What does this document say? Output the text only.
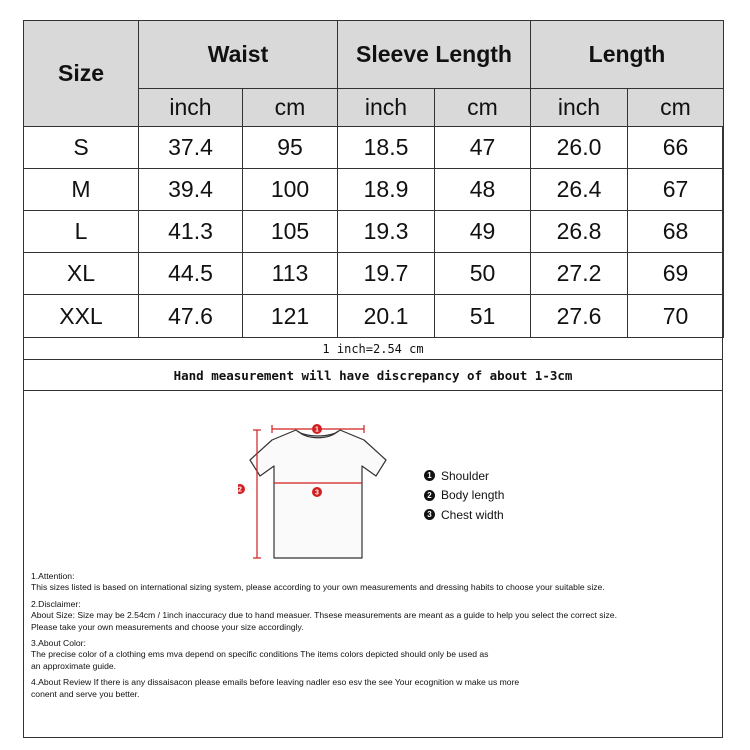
Size	Waist		Sleeve Length		Length	
	inch	cm	inch	cm	inch	cm
S	37.4	95	18.5	47	26.0	66
M	39.4	100	18.9	48	26.4	67
L	41.3	105	19.3	49	26.8	68
XL	44.5	113	19.7	50	27.2	69
XXL	47.6	121	20.1	51	27.6	70
1 inch=2.54 cm
Hand measurement will have discrepancy of about 1-3cm
1
2	3
1 Shoulder
2 Body length
3 Chest width

1.Attention:

This sizes listed is based on international sizing system, please according to your own measurements and dressing habits to choose your suitable size.

2.Disclaimer:

About Size: Size may be 2.54cm / 1inch inaccuracy due to hand measuer. Thsese measurements are meant as a guide to help you select the correct size.

Please take your own measurements and choose your size accordingly.

3.About Color:

The precise color of a clothing ems mva depend on specific conditions The items colors depicted should only be used as

an approximate guide.

4.About Review If there is any dissaisacon please emails before leaving nadler eso esv the see Your ecognition w make us more

conent and serve you better.
